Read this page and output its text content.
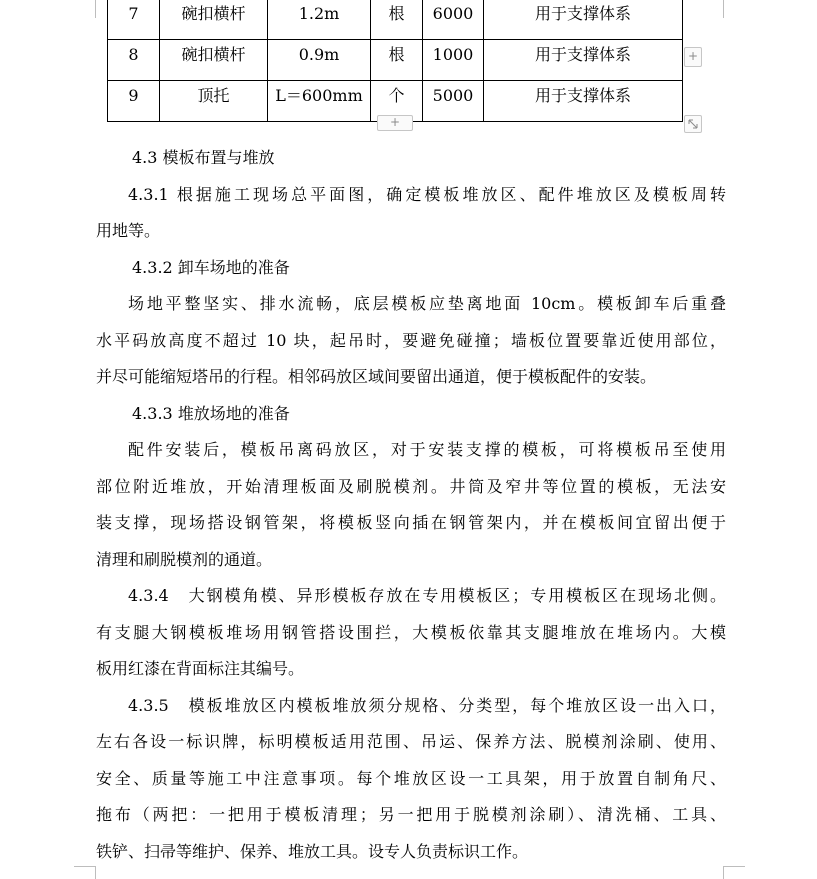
7	碗扣横杆	1.2m	根	6000	用于支撑体系
8	碗扣横杆	0.9m	根	1000	用于支撑体系
9	顶托	L＝600mm	个	5000	用于支撑体系
+
+
4.3 模板布置与堆放
4.3.1 根据施工现场总平面图，确定模板堆放区、配件堆放区及模板周转
用地等。
4.3.2 卸车场地的准备
场地平整坚实、排水流畅，底层模板应垫离地面 10cm。模板卸车后重叠
水平码放高度不超过 10 块，起吊时，要避免碰撞；墙板位置要靠近使用部位，
并尽可能缩短塔吊的行程。相邻码放区域间要留出通道，便于模板配件的安装。
4.3.3 堆放场地的准备
配件安装后，模板吊离码放区，对于安装支撑的模板，可将模板吊至使用
部位附近堆放，开始清理板面及刷脱模剂。井筒及窄井等位置的模板，无法安
装支撑，现场搭设钢管架，将模板竖向插在钢管架内，并在模板间宜留出便于
清理和刷脱模剂的通道。
4.3.4　大钢模角模、异形模板存放在专用模板区；专用模板区在现场北侧。
有支腿大钢模板堆场用钢管搭设围拦，大模板依靠其支腿堆放在堆场内。大模
板用红漆在背面标注其编号。
4.3.5　模板堆放区内模板堆放须分规格、分类型，每个堆放区设一出入口，
左右各设一标识牌，标明模板适用范围、吊运、保养方法、脱模剂涂刷、使用、
安全、质量等施工中注意事项。每个堆放区设一工具架，用于放置自制角尺、
拖布（两把：一把用于模板清理；另一把用于脱模剂涂刷）、清洗桶、工具、
铁铲、扫帚等维护、保养、堆放工具。设专人负责标识工作。
